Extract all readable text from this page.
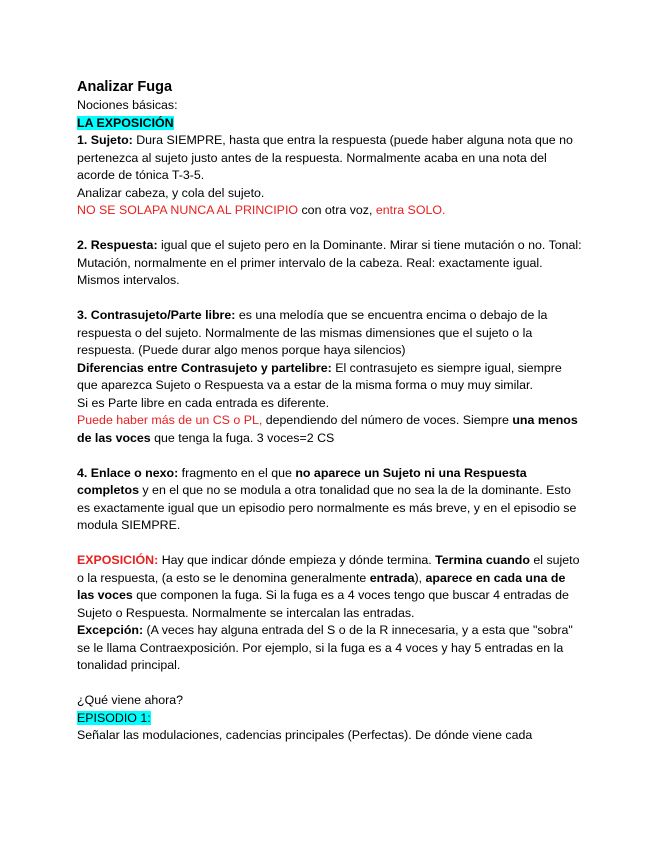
Analizar Fuga

Nociones básicas:

LA EXPOSICIÓN

1. Sujeto: Dura SIEMPRE, hasta que entra la respuesta (puede haber alguna nota que no pertenezca al sujeto justo antes de la respuesta. Normalmente acaba en una nota del acorde de tónica T-3-5.

Analizar cabeza, y cola del sujeto.

NO SE SOLAPA NUNCA AL PRINCIPIO con otra voz, entra SOLO.

2. Respuesta: igual que el sujeto pero en la Dominante. Mirar si tiene mutación o no. Tonal: Mutación, normalmente en el primer intervalo de la cabeza. Real: exactamente igual. Mismos intervalos.

3. Contrasujeto/Parte libre: es una melodía que se encuentra encima o debajo de la respuesta o del sujeto. Normalmente de las mismas dimensiones que el sujeto o la respuesta. (Puede durar algo menos porque haya silencios)

Diferencias entre Contrasujeto y partelibre: El contrasujeto es siempre igual, siempre que aparezca Sujeto o Respuesta va a estar de la misma forma o muy muy similar.

Si es Parte libre en cada entrada es diferente.

Puede haber más de un CS o PL, dependiendo del número de voces. Siempre una menos de las voces que tenga la fuga. 3 voces=2 CS

4. Enlace o nexo: fragmento en el que no aparece un Sujeto ni una Respuesta completos y en el que no se modula a otra tonalidad que no sea la de la dominante. Esto es exactamente igual que un episodio pero normalmente es más breve, y en el episodio se modula SIEMPRE.

EXPOSICIÓN: Hay que indicar dónde empieza y dónde termina. Termina cuando el sujeto o la respuesta, (a esto se le denomina generalmente entrada), aparece en cada una de las voces que componen la fuga. Si la fuga es a 4 voces tengo que buscar 4 entradas de Sujeto o Respuesta. Normalmente se intercalan las entradas.

Excepción: (A veces hay alguna entrada del S o de la R innecesaria, y a esta que "sobra" se le llama Contraexposición. Por ejemplo, si la fuga es a 4 voces y hay 5 entradas en la tonalidad principal.

¿Qué viene ahora?

EPISODIO 1:

Señalar las modulaciones, cadencias principales (Perfectas). De dónde viene cada
